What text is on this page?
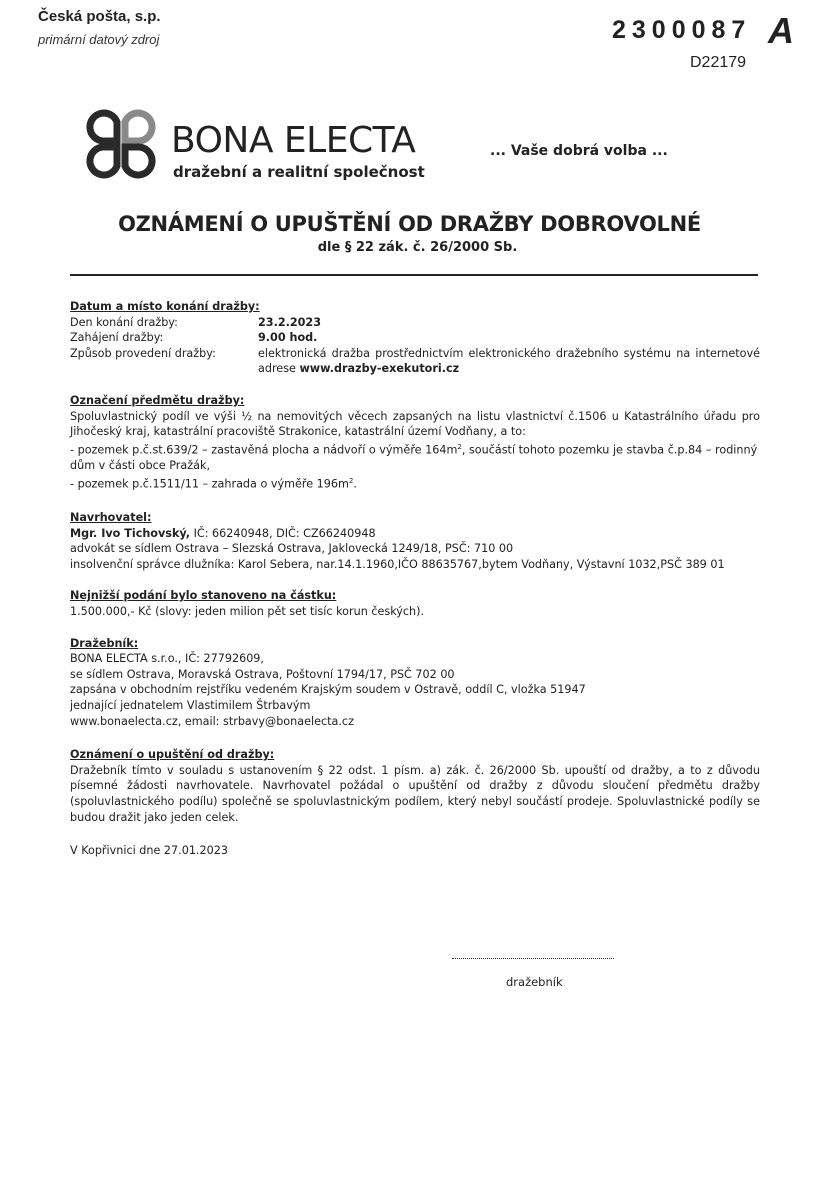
Česká pošta, s.p.
primární datový zdroj	2300087 A
D22179
BONA ELECTA
dražební a realitní společnost
... Vaše dobrá volba ...
OZNÁMENÍ O UPUŠTĚNÍ OD DRAŽBY DOBROVOLNÉ
dle § 22 zák. č. 26/2000 Sb.
Datum a místo konání dražby:
Den konání dražby:	23.2.2023
Zahájení dražby:	9.00 hod.
Způsob provedení dražby:	elektronická dražba prostřednictvím elektronického dražebního systému na internetové adrese www.drazby-exekutori.cz
Označení předmětu dražby:
Spoluvlastnický podíl ve výši ½ na nemovitých věcech zapsaných na listu vlastnictví č.1506 u Katastrálního úřadu pro Jihočeský kraj, katastrální pracoviště Strakonice, katastrální území Vodňany, a to:
- pozemek p.č.st.639/2 – zastavěná plocha a nádvoří o výměře $164m^2$, součástí tohoto pozemku je stavba č.p.84 – rodinný dům v části obce Pražák,
- pozemek p.č.1511/11 – zahrada o výměře $196m^2$.
Navrhovatel:
Mgr. Ivo Tichovský, IČ: 66240948, DIČ: CZ66240948
advokát se sídlem Ostrava – Slezská Ostrava, Jaklovecká 1249/18, PSČ: 710 00
insolvenční správce dlužníka: Karol Sebera, nar.14.1.1960,IČO 88635767,bytem Vodňany, Výstavní 1032,PSČ 389 01
Nejnižší podání bylo stanoveno na částku:
1.500.000,- Kč (slovy: jeden milion pět set tisíc korun českých).
Dražebník:
BONA ELECTA s.r.o., IČ: 27792609,
se sídlem Ostrava, Moravská Ostrava, Poštovní 1794/17, PSČ 702 00
zapsána v obchodním rejstříku vedeném Krajským soudem v Ostravě, oddíl C, vložka 51947
jednající jednatelem Vlastimilem Štrbavým
www.bonaelecta.cz, email: strbavy@bonaelecta.cz
Oznámení o upuštění od dražby:
Dražebník tímto v souladu s ustanovením § 22 odst. 1 písm. a) zák. č. 26/2000 Sb. upouští od dražby, a to z důvodu písemné žádosti navrhovatele. Navrhovatel požádal o upuštění od dražby z důvodu sloučení předmětu dražby (spoluvlastnického podílu) společně se spoluvlastnickým podílem, který nebyl součástí prodeje. Spoluvlastnické podíly se budou dražit jako jeden celek.
V Kopřivnici dne 27.01.2023
dražebník
